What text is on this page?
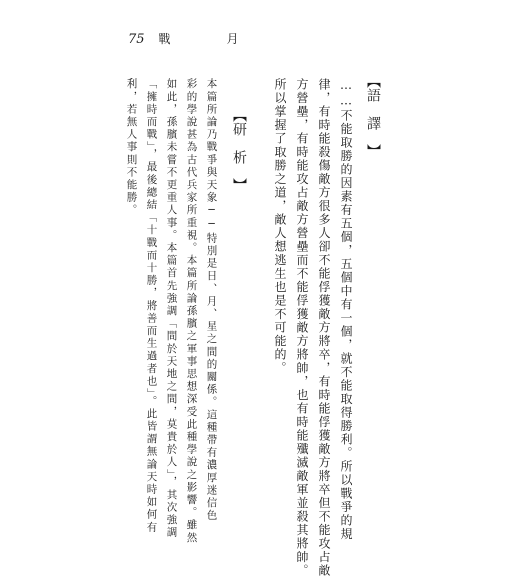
75 戰　月
【語譯】
……不能取勝的因素有五個，五個中有一個，就不能取得勝利。所以戰爭的規
律，有時能殺傷敵方很多人卻不能俘獲敵方將卒，有時能俘獲敵方將卒但不能攻占敵
方營壘，有時能攻占敵方營壘而不能俘獲敵方將帥，也有時能殲滅敵軍並殺其將帥。
所以掌握了取勝之道，敵人想逃生也是不可能的。
【研析】
本篇所論乃戰爭與天象──特別是日、月、星之間的關係。這種帶有濃厚迷信色
彩的學說甚為古代兵家所重視。本篇所論孫臏之軍事思想深受此種學說之影響。雖然
如此，孫臏未嘗不更重人事。本篇首先強調「間於天地之間，莫貴於人」，其次強調
「擁時而戰」，最後總結「十戰而十勝，將善而生過者也」。此皆謂無論天時如何有
利，若無人事則不能勝。
